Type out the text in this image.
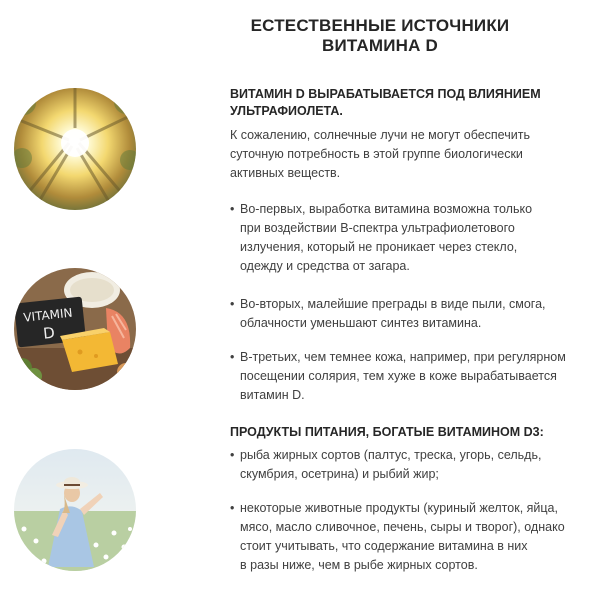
ЕСТЕСТВЕННЫЕ ИСТОЧНИКИ
ВИТАМИНА D
VITAMIN
D

ВИТАМИН D ВЫРАБАТЫВАЕТСЯ ПОД ВЛИЯНИЕМ
УЛЬТРАФИОЛЕТА.

К сожалению, солнечные лучи не могут обеспечить
суточную потребность в этой группе биологически
активных веществ.

• Во-первых, выработка витамина возможна только
при воздействии В-спектра ультрафиолетового
излучения, который не проникает через стекло,
одежду и средства от загара.

• Во-вторых, малейшие преграды в виде пыли, смога,
облачности уменьшают синтез витамина.

• В-третьих, чем темнее кожа, например, при регулярном
посещении солярия, тем хуже в коже вырабатывается
витамин D.

ПРОДУКТЫ ПИТАНИЯ, БОГАТЫЕ ВИТАМИНОМ D3:

• рыба жирных сортов (палтус, треска, угорь, сельдь,
скумбрия, осетрина) и рыбий жир;

• некоторые животные продукты (куриный желток, яйца,
мясо, масло сливочное, печень, сыры и творог), однако
стоит учитывать, что содержание витамина в них
в разы ниже, чем в рыбе жирных сортов.
